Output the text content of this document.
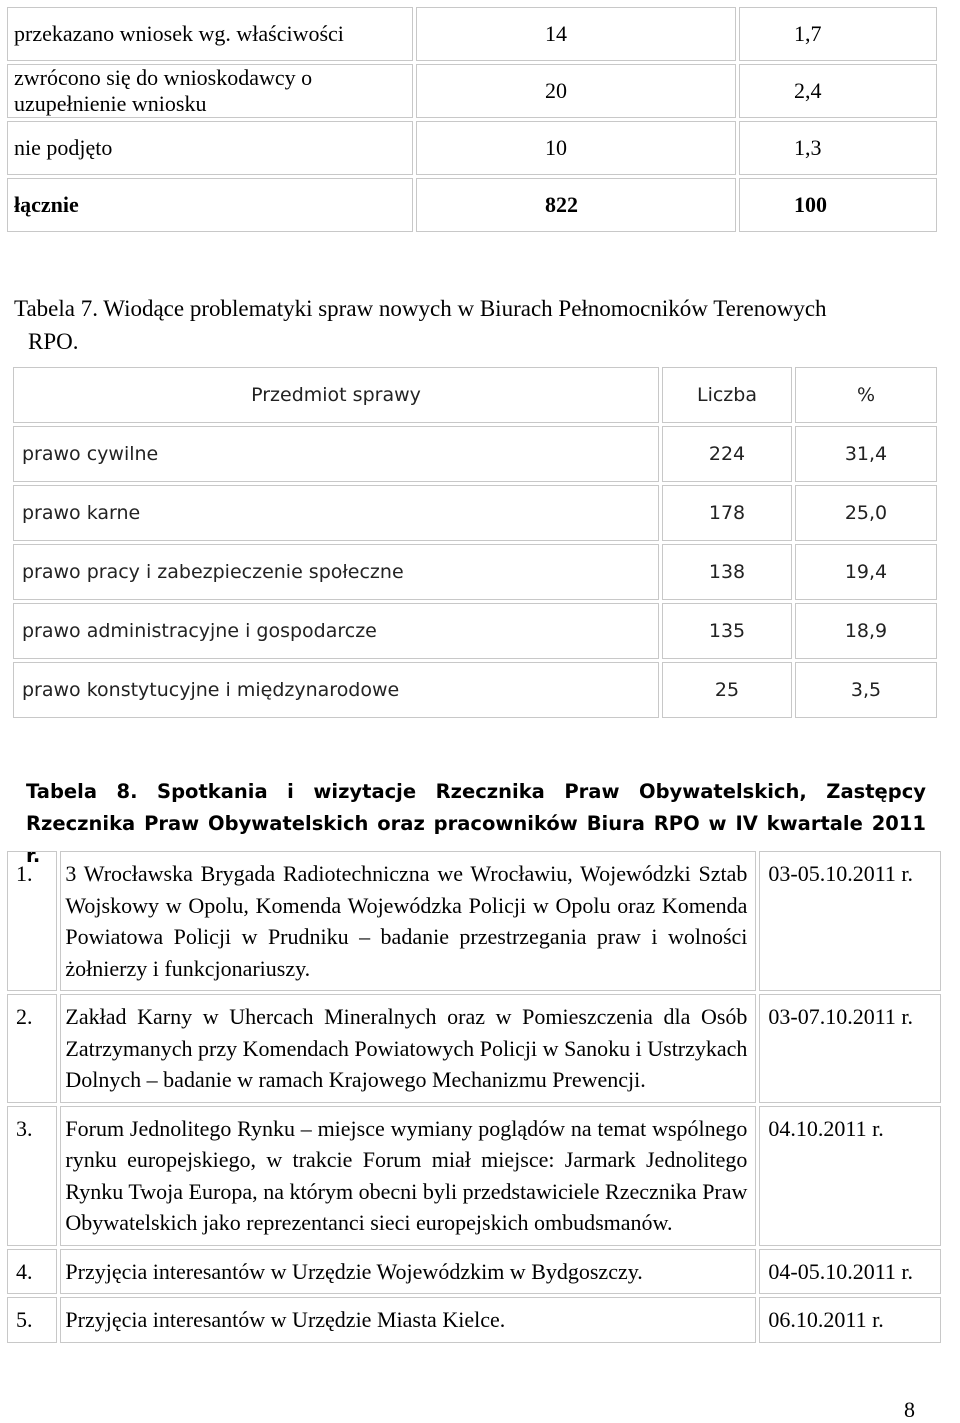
przekazano wniosek wg. właściwości	14	1,7
zwrócono się do wnioskodawcy o uzupełnienie wniosku	20	2,4
nie podjęto	10	1,3
łącznie	822	100
Tabela 7. Wiodące problematyki spraw nowych w Biurach Pełnomocników Terenowych
RPO.
Przedmiot sprawy	Liczba	%
prawo cywilne	224	31,4
prawo karne	178	25,0
prawo pracy i zabezpieczenie społeczne	138	19,4
prawo administracyjne i gospodarcze	135	18,9
prawo konstytucyjne i międzynarodowe	25	3,5
Tabela 8. Spotkania i wizytacje Rzecznika Praw Obywatelskich, Zastępcy Rzecznika Praw Obywatelskich oraz pracowników Biura RPO w IV kwartale 2011 r.
1.	3 Wrocławska Brygada Radiotechniczna we Wrocławiu, Wojewódzki Sztab Wojskowy w Opolu, Komenda Wojewódzka Policji w Opolu oraz Komenda Powiatowa Policji w Prudniku – badanie przestrzegania praw i wolności żołnierzy i funkcjonariuszy.	03-05.10.2011 r.
2.	Zakład Karny w Uhercach Mineralnych oraz w Pomieszczenia dla Osób Zatrzymanych przy Komendach Powiatowych Policji w Sanoku i Ustrzykach Dolnych – badanie w ramach Krajowego Mechanizmu Prewencji.	03-07.10.2011 r.
3.	Forum Jednolitego Rynku – miejsce wymiany poglądów na temat wspólnego rynku europejskiego, w trakcie Forum miał miejsce: Jarmark Jednolitego Rynku Twoja Europa, na którym obecni byli przedstawiciele Rzecznika Praw Obywatelskich jako reprezentanci sieci europejskich ombudsmanów.	04.10.2011 r.
4.	Przyjęcia interesantów w Urzędzie Wojewódzkim w Bydgoszczy.	04-05.10.2011 r.
5.	Przyjęcia interesantów w Urzędzie Miasta Kielce.	06.10.2011 r.
8
